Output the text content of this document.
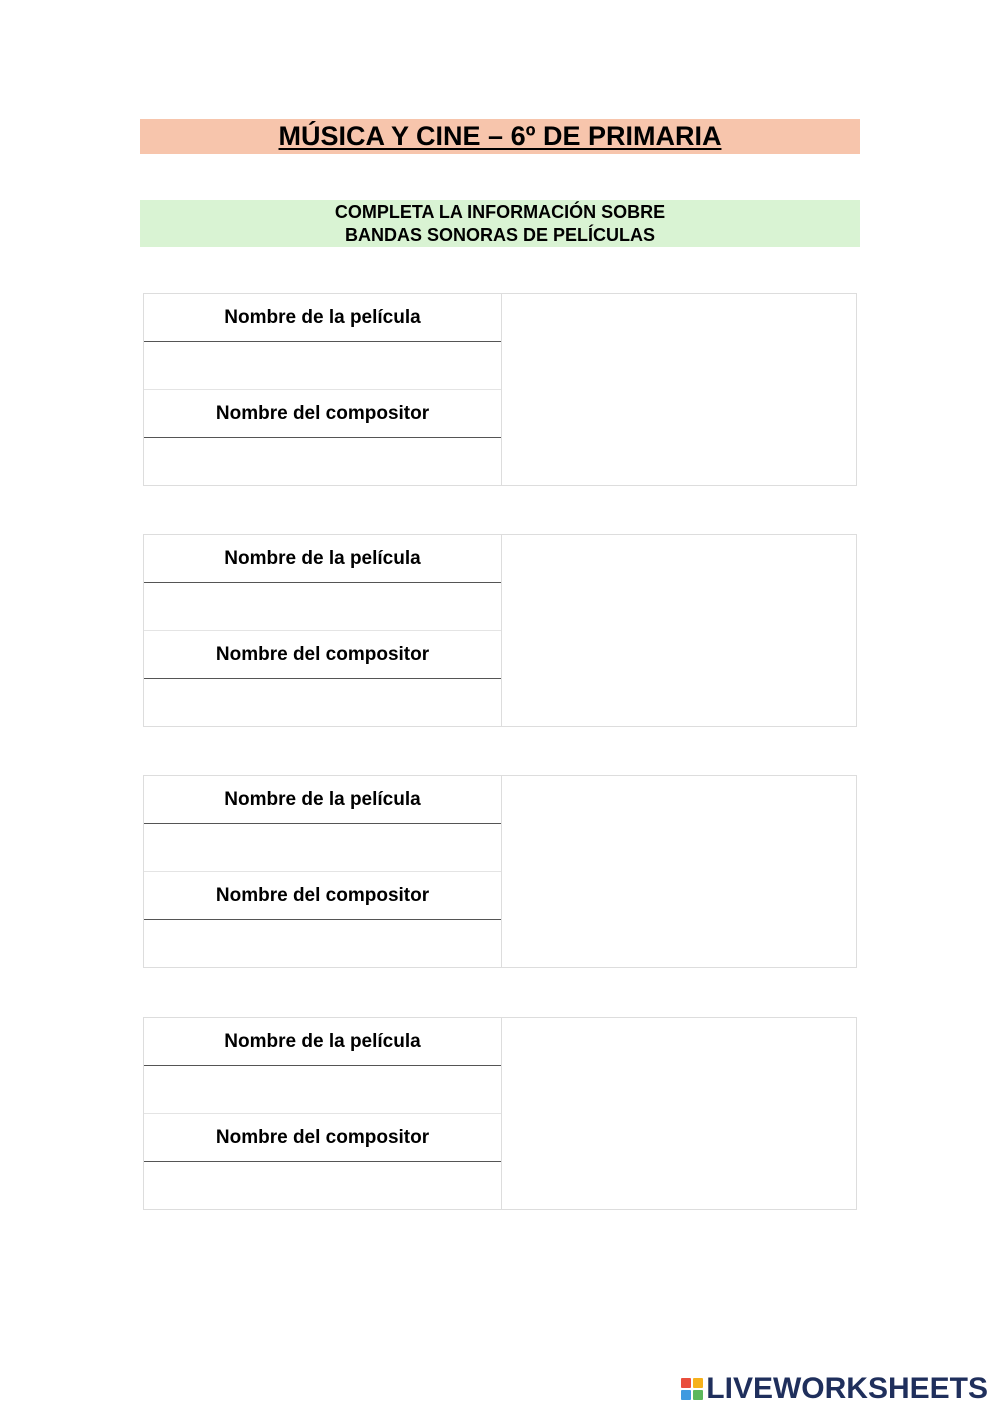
MÚSICA Y CINE – 6º DE PRIMARIA
COMPLETA LA INFORMACIÓN SOBRE
BANDAS SONORAS DE PELÍCULAS
Nombre de la película
Nombre del compositor
Nombre de la película
Nombre del compositor
Nombre de la película
Nombre del compositor
Nombre de la película
Nombre del compositor
LIVEWORKSHEETS
